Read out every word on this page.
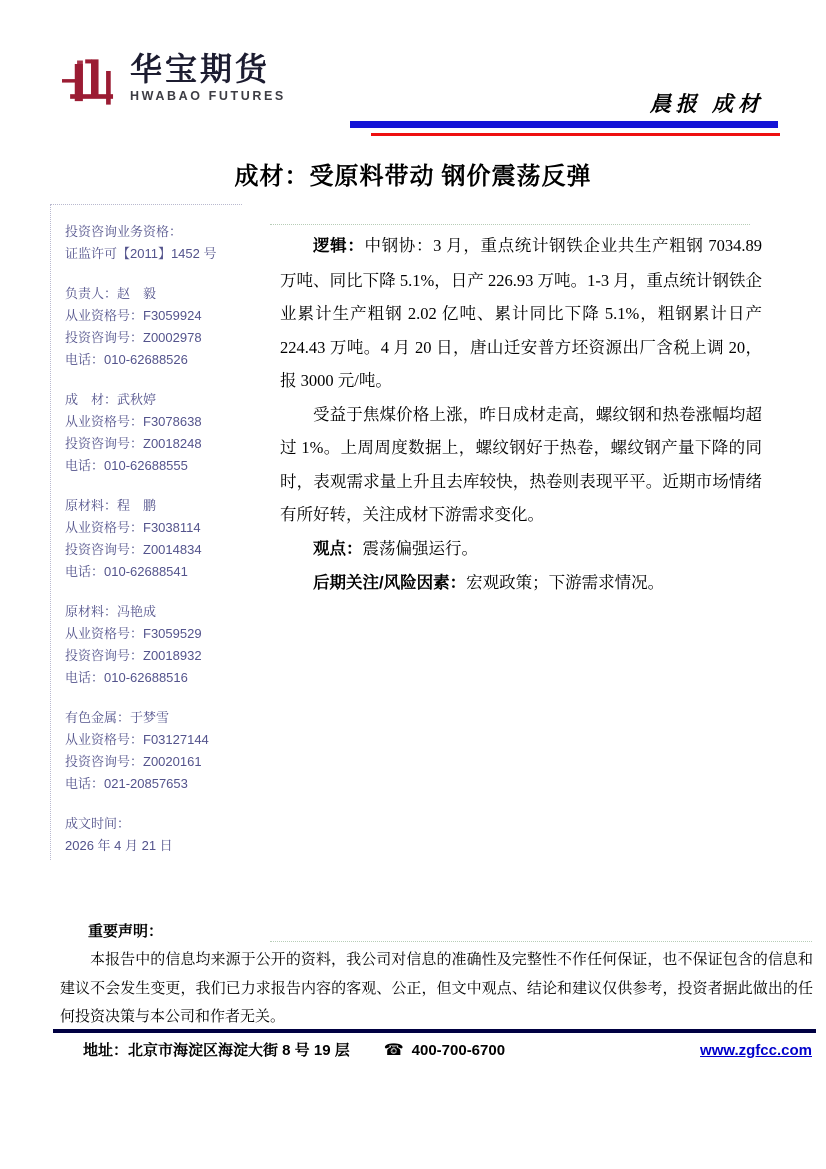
华宝期货
HWABAO FUTURES	晨报 成材
成材：受原料带动 钢价震荡反弹
投资咨询业务资格：
证监许可【2011】1452 号
负责人：赵　毅
从业资格号：F3059924
投资咨询号：Z0002978
电话：010-62688526
成　材：武秋婷
从业资格号：F3078638
投资咨询号：Z0018248
电话：010-62688555
原材料：程　鹏
从业资格号：F3038114
投资咨询号：Z0014834
电话：010-62688541
原材料：冯艳成
从业资格号：F3059529
投资咨询号：Z0018932
电话：010-62688516
有色金属：于梦雪
从业资格号：F03127144
投资咨询号：Z0020161
电话：021-20857653
成文时间：
2026 年 4 月 21 日

逻辑：中钢协：3 月，重点统计钢铁企业共生产粗钢 7034.89 万吨、同比下降 5.1%，日产 226.93 万吨。1-3 月，重点统计钢铁企业累计生产粗钢 2.02 亿吨、累计同比下降 5.1%，粗钢累计日产 224.43 万吨。4 月 20 日，唐山迁安普方坯资源出厂含税上调 20，报 3000 元/吨。

受益于焦煤价格上涨，昨日成材走高，螺纹钢和热卷涨幅均超过 1%。上周周度数据上，螺纹钢好于热卷，螺纹钢产量下降的同时，表观需求量上升且去库较快，热卷则表现平平。近期市场情绪有所好转，关注成材下游需求变化。

观点：震荡偏强运行。

后期关注/风险因素：宏观政策；下游需求情况。

重要声明：
本报告中的信息均来源于公开的资料，我公司对信息的准确性及完整性不作任何保证，也不保证包含的信息和建议不会发生变更，我们已力求报告内容的客观、公正，但文中观点、结论和建议仅供参考，投资者据此做出的任何投资决策与本公司和作者无关。
地址：北京市海淀区海淀大街 8 号 19 层 ☎ 400-700-6700	www.zgfcc.com
